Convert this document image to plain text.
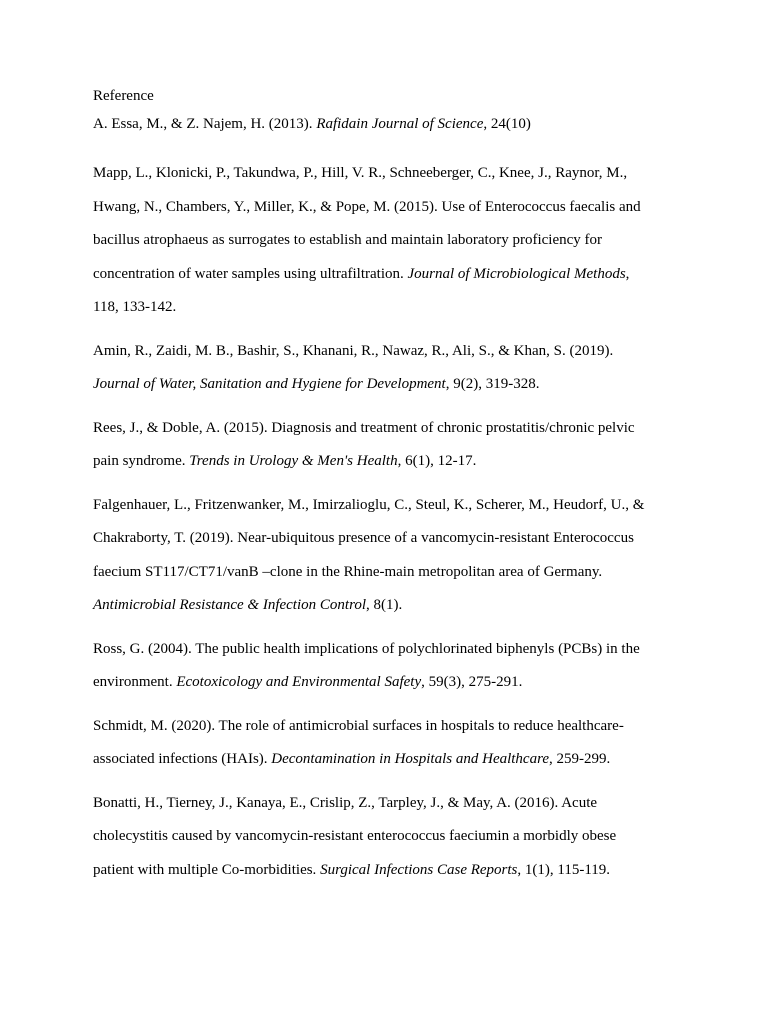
Reference
A. Essa, M., & Z. Najem, H. (2013). Rafidain Journal of Science, 24(10)
Mapp, L., Klonicki, P., Takundwa, P., Hill, V. R., Schneeberger, C., Knee, J., Raynor, M.,
Hwang, N., Chambers, Y., Miller, K., & Pope, M. (2015). Use of Enterococcus faecalis and
bacillus atrophaeus as surrogates to establish and maintain laboratory proficiency for
concentration of water samples using ultrafiltration. Journal of Microbiological Methods,
118, 133-142.
Amin, R., Zaidi, M. B., Bashir, S., Khanani, R., Nawaz, R., Ali, S., & Khan, S. (2019).
Journal of Water, Sanitation and Hygiene for Development, 9(2), 319-328.
Rees, J., & Doble, A. (2015). Diagnosis and treatment of chronic prostatitis/chronic pelvic
pain syndrome. Trends in Urology & Men's Health, 6(1), 12-17.
Falgenhauer, L., Fritzenwanker, M., Imirzalioglu, C., Steul, K., Scherer, M., Heudorf, U., &
Chakraborty, T. (2019). Near-ubiquitous presence of a vancomycin-resistant Enterococcus
faecium ST117/CT71/vanB –clone in the Rhine-main metropolitan area of Germany.
Antimicrobial Resistance & Infection Control, 8(1).
Ross, G. (2004). The public health implications of polychlorinated biphenyls (PCBs) in the
environment. Ecotoxicology and Environmental Safety, 59(3), 275-291.
Schmidt, M. (2020). The role of antimicrobial surfaces in hospitals to reduce healthcare-
associated infections (HAIs). Decontamination in Hospitals and Healthcare, 259-299.
Bonatti, H., Tierney, J., Kanaya, E., Crislip, Z., Tarpley, J., & May, A. (2016). Acute
cholecystitis caused by vancomycin-resistant enterococcus faeciumin a morbidly obese
patient with multiple Co-morbidities. Surgical Infections Case Reports, 1(1), 115-119.
